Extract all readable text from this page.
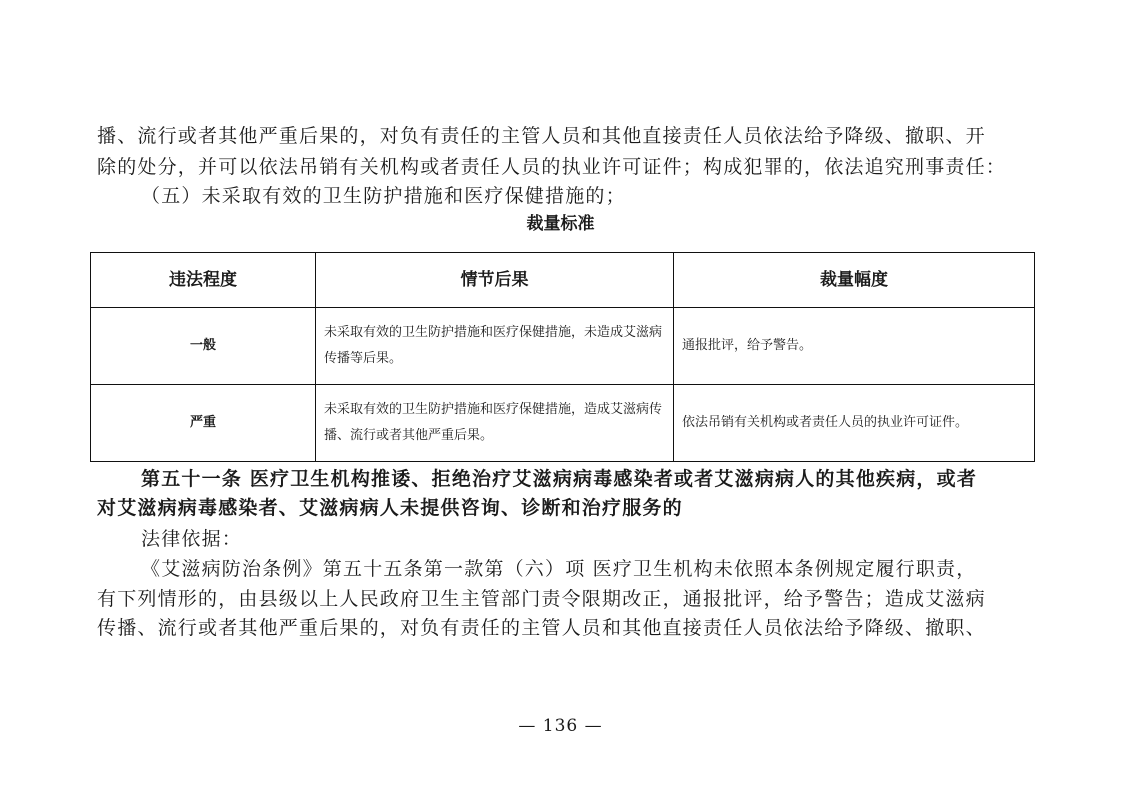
播、流行或者其他严重后果的，对负有责任的主管人员和其他直接责任人员依法给予降级、撤职、开
除的处分，并可以依法吊销有关机构或者责任人员的执业许可证件；构成犯罪的，依法追究刑事责任：
（五）未采取有效的卫生防护措施和医疗保健措施的；
裁量标准
违法程度	情节后果	裁量幅度
一般	未采取有效的卫生防护措施和医疗保健措施，未造成艾滋病传播等后果。	通报批评，给予警告。
严重	未采取有效的卫生防护措施和医疗保健措施，造成艾滋病传播、流行或者其他严重后果。	依法吊销有关机构或者责任人员的执业许可证件。
第五十一条 医疗卫生机构推诿、拒绝治疗艾滋病病毒感染者或者艾滋病病人的其他疾病，或者
对艾滋病病毒感染者、艾滋病病人未提供咨询、诊断和治疗服务的
法律依据：
《艾滋病防治条例》第五十五条第一款第（六）项 医疗卫生机构未依照本条例规定履行职责，
有下列情形的，由县级以上人民政府卫生主管部门责令限期改正，通报批评，给予警告；造成艾滋病
传播、流行或者其他严重后果的，对负有责任的主管人员和其他直接责任人员依法给予降级、撤职、
— 136 —
